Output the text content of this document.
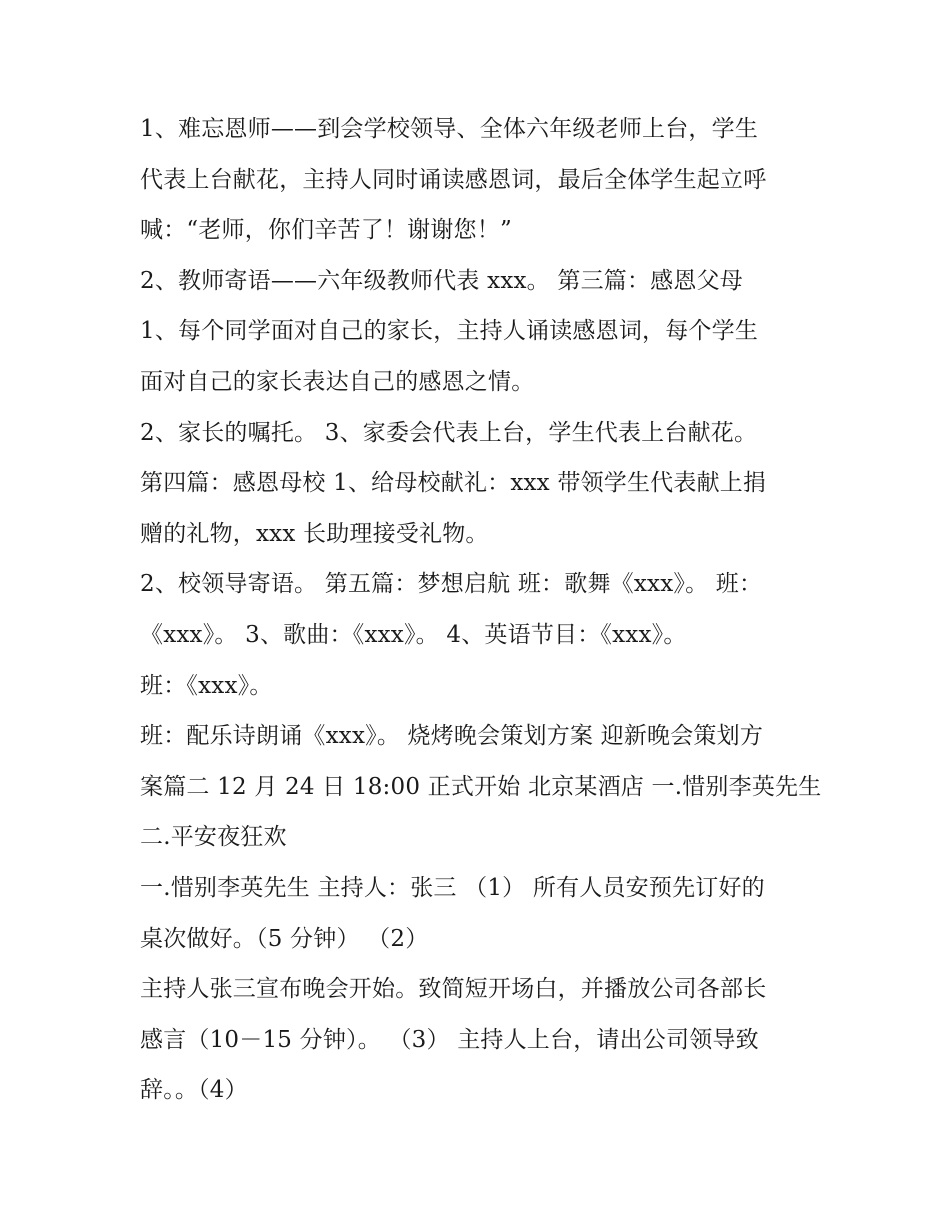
1、难忘恩师——到会学校领导、全体六年级老师上台，学生
代表上台献花，主持人同时诵读感恩词，最后全体学生起立呼
喊：“老师，你们辛苦了！谢谢您！”
2、教师寄语——六年级教师代表 xxx。 第三篇：感恩父母
1、每个同学面对自己的家长，主持人诵读感恩词，每个学生
面对自己的家长表达自己的感恩之情。
2、家长的嘱托。 3、家委会代表上台，学生代表上台献花。
第四篇：感恩母校 1、给母校献礼：xxx 带领学生代表献上捐
赠的礼物，xxx 长助理接受礼物。
2、校领导寄语。 第五篇：梦想启航 班：歌舞《xxx》。 班：
《xxx》。 3、歌曲：《xxx》。 4、英语节目：《xxx》。
班：《xxx》。
班：配乐诗朗诵《xxx》。 烧烤晚会策划方案 迎新晚会策划方
案篇二 12 月 24 日 18:00 正式开始 北京某酒店 一.惜别李英先生
二.平安夜狂欢
一.惜别李英先生 主持人：张三 （1） 所有人员安预先订好的
桌次做好。（5 分钟） （2）
主持人张三宣布晚会开始。致简短开场白，并播放公司各部长
感言（10－15 分钟）。 （3） 主持人上台，请出公司领导致
辞。。（4）
